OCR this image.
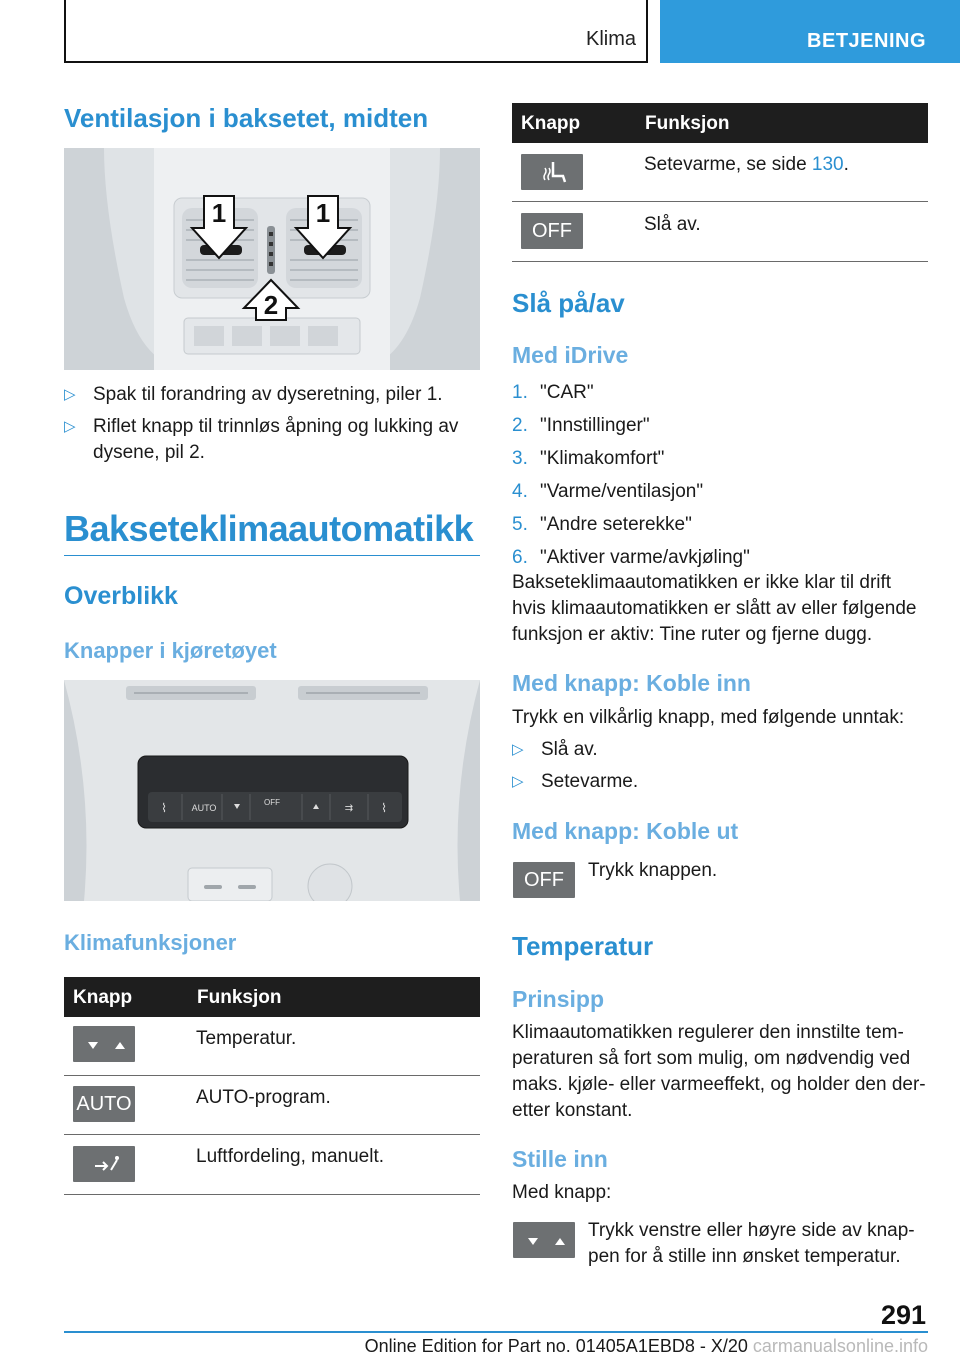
Klima	BETJENING
Ventilasjon i baksetet, midten
1	1
2
▷ Spak til forandring av dyseretning, piler 1.
▷ Riflet knapp til trinnløs åpning og lukking av dysene, pil 2.
Bakseteklimaautomatikk
Overblikk
Knapper i kjøretøyet
AUTO
OFF
⌇	⌇
⇉
Klimafunksjoner
Knapp	Funksjon
Temperatur.
AUTO	AUTO-program.
Luftfordeling, manuelt.
Knapp	Funksjon
Setevarme, se side 130.
OFF	Slå av.
Slå på/av
Med iDrive
1. "CAR"
2. "Innstillinger"
3. "Klimakomfort"
4. "Varme/ventilasjon"
5. "Andre seterekke"
6. "Aktiver varme/avkjøling"
Bakseteklimaautomatikken er ikke klar til drift hvis klimaautomatikken er slått av eller følgende funksjon er aktiv: Tine ruter og fjerne dugg.
Med knapp: Koble inn
Trykk en vilkårlig knapp, med følgende unntak:
▷ Slå av.
▷ Setevarme.
Med knapp: Koble ut
OFF Trykk knappen.
Temperatur
Prinsipp
Klimaautomatikken regulerer den innstilte tem-peraturen så fort som mulig, om nødvendig ved maks. kjøle- eller varmeeffekt, og holder den der-etter konstant.
Stille inn
Med knapp:
Trykk venstre eller høyre side av knap-pen for å stille inn ønsket temperatur.
291
Online Edition for Part no. 01405A1EBD8 - X/20 carmanualsonline.info
